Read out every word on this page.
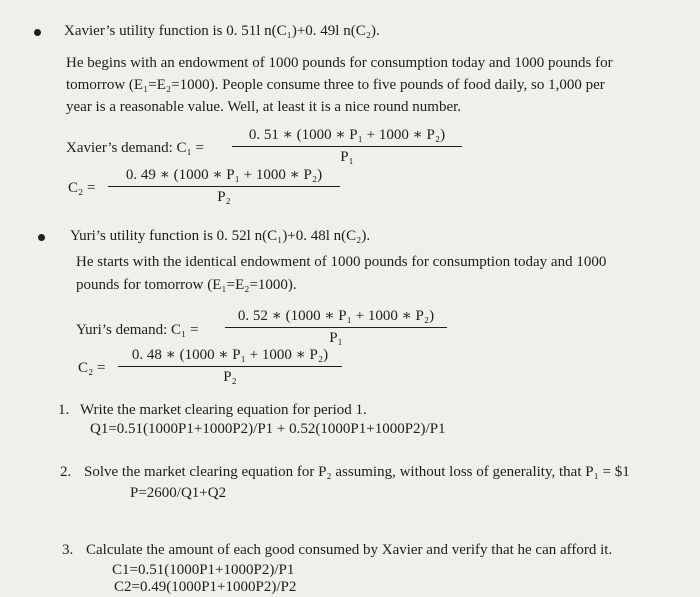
Xavier’s utility function is 0. 51l n(C₁)+0. 49l n(C₂).
He begins with an endowment of 1000 pounds for consumption today and 1000 pounds for
tomorrow (E₁=E₂=1000). People consume three to five pounds of food daily, so 1,000 per
year is a reasonable value. Well, at least it is a nice round number.
Xavier’s demand: C₁ =
0. 51 ∗ (1000 ∗ P₁ + 1000 ∗ P₂)
P₁
C₂ =
0. 49 ∗ (1000 ∗ P₁ + 1000 ∗ P₂)
P₂
Yuri’s utility function is 0. 52l n(C₁)+0. 48l n(C₂).
He starts with the identical endowment of 1000 pounds for consumption today and 1000
pounds for tomorrow (E₁=E₂=1000).
Yuri’s demand: C₁ =
0. 52 ∗ (1000 ∗ P₁ + 1000 ∗ P₂)
P₁
C₂ =
0. 48 ∗ (1000 ∗ P₁ + 1000 ∗ P₂)
P₂
1. Write the market clearing equation for period 1.
Q1=0.51(1000P1+1000P2)/P1 + 0.52(1000P1+1000P2)/P1
2. Solve the market clearing equation for P₂ assuming, without loss of generality, that P₁ = $1
P=2600/Q1+Q2
3. Calculate the amount of each good consumed by Xavier and verify that he can afford it.
C1=0.51(1000P1+1000P2)/P1
C2=0.49(1000P1+1000P2)/P2
